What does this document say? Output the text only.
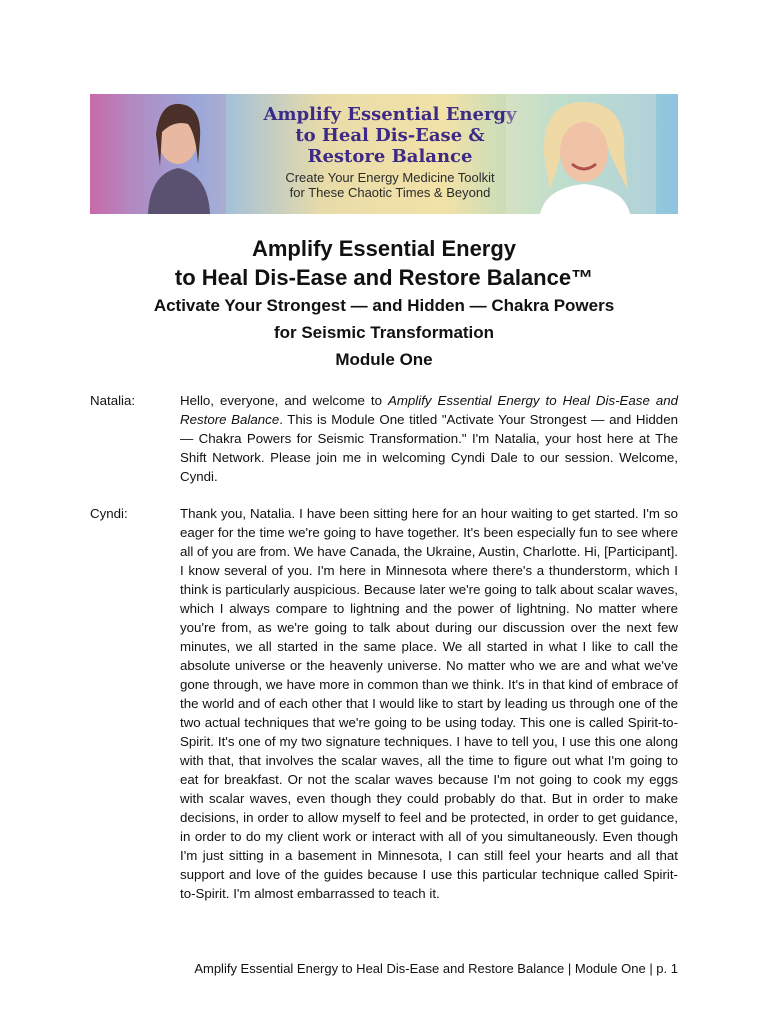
Amplify Essential Energy
to Heal Dis-Ease &
Restore Balance
Create Your Energy Medicine Toolkit
for These Chaotic Times & Beyond
Amplify Essential Energy
to Heal Dis-Ease and Restore Balance™
Activate Your Strongest — and Hidden — Chakra Powers
for Seismic Transformation
Module One
Natalia:	Hello, everyone, and welcome to Amplify Essential Energy to Heal Dis-Ease and Restore Balance. This is Module One titled "Activate Your Strongest — and Hidden — Chakra Powers for Seismic Transformation." I'm Natalia, your host here at The Shift Network. Please join me in welcoming Cyndi Dale to our session. Welcome, Cyndi.
Cyndi:	Thank you, Natalia. I have been sitting here for an hour waiting to get started. I'm so eager for the time we're going to have together. It's been especially fun to see where all of you are from. We have Canada, the Ukraine, Austin, Charlotte. Hi, [Participant]. I know several of you. I'm here in Minnesota where there's a thunderstorm, which I think is particularly auspicious. Because later we're going to talk about scalar waves, which I always compare to lightning and the power of lightning. No matter where you're from, as we're going to talk about during our discussion over the next few minutes, we all started in the same place. We all started in what I like to call the absolute universe or the heavenly universe. No matter who we are and what we've gone through, we have more in common than we think. It's in that kind of embrace of the world and of each other that I would like to start by leading us through one of the two actual techniques that we're going to be using today. This one is called Spirit-to-Spirit. It's one of my two signature techniques. I have to tell you, I use this one along with that, that involves the scalar waves, all the time to figure out what I'm going to eat for breakfast. Or not the scalar waves because I'm not going to cook my eggs with scalar waves, even though they could probably do that. But in order to make decisions, in order to allow myself to feel and be protected, in order to get guidance, in order to do my client work or interact with all of you simultaneously. Even though I'm just sitting in a basement in Minnesota, I can still feel your hearts and all that support and love of the guides because I use this particular technique called Spirit-to-Spirit. I'm almost embarrassed to teach it.
Amplify Essential Energy to Heal Dis-Ease and Restore Balance | Module One | p. 1
